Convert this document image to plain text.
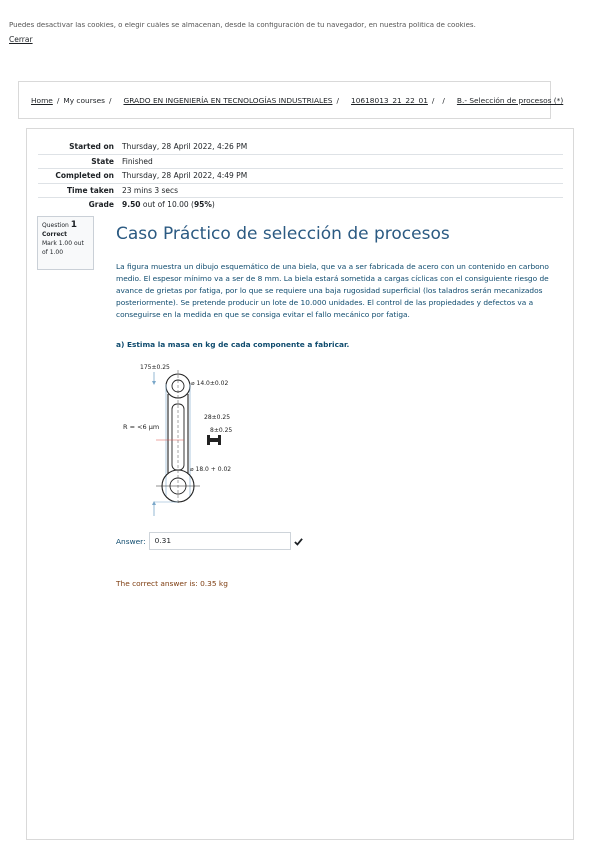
Puedes desactivar las cookies, o elegir cuáles se almacenan, desde la configuración de tu navegador, en nuestra política de cookies.
Cerrar
Home / My courses / GRADO EN INGENIERÍA EN TECNOLOGÍAS INDUSTRIALES / 10618013_21_22_01 / / B.- Selección de procesos (*)
Started on	Thursday, 28 April 2022, 4:26 PM
State	Finished
Completed on	Thursday, 28 April 2022, 4:49 PM
Time taken	23 mins 3 secs
Grade	9.50 out of 10.00 (95%)
Question 1
Correct
Mark 1.00 out of 1.00
Caso Práctico de selección de procesos
La figura muestra un dibujo esquemático de una biela, que va a ser fabricada de acero con un contenido en carbono medio. El espesor mínimo va a ser de 8 mm. La biela estará sometida a cargas cíclicas con el consiguiente riesgo de avance de grietas por fatiga, por lo que se requiere una baja rugosidad superficial (los taladros serán mecanizados posteriormente). Se pretende producir un lote de 10.000 unidades. El control de las propiedades y defectos va a conseguirse en la medida en que se consiga evitar el fallo mecánico por fatiga.
a) Estima la masa en kg de cada componente a fabricar.
175±0.25
R = <6 µm
⌀ 14.0±0.02
28±0.25
8±0.25
⌀ 18.0 + 0.02
Answer:	0.31
The correct answer is: 0.35 kg
